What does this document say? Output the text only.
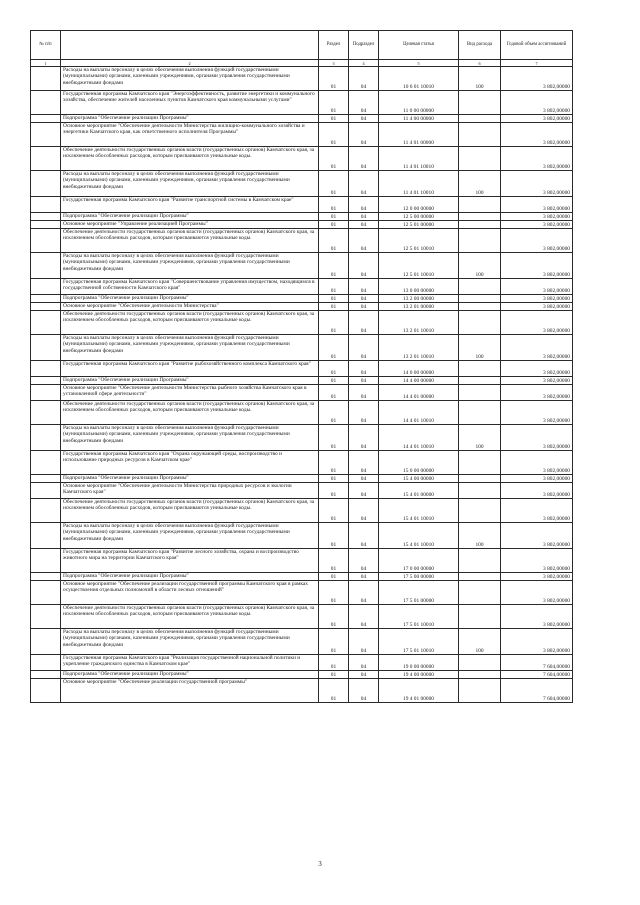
№ п/п		Раздел	Подраздел	Целевая статья	Вид расхода	Годовой объем ассигнований
1	2	3	4	5	6	7
	Расходы на выплаты персоналу в целях обеспечения выполнения функций государственными (муниципальными) органами, казенными учреждениями, органами управления государственными внебюджетными фондами	01	04	10 6 01 10010	100	3 802,00000
	Государственная программа Камчатского края "Энергоэффективность, развитие энергетики и коммунального хозяйства, обеспечение жителей населенных пунктов Камчатского края коммунальными услугами"	01	04	11 0 00 00000		3 802,00000
	Подпрограмма "Обеспечение реализации Программы"	01	04	11 4 00 00000		3 802,00000
	Основное мероприятие "Обеспечение деятельности Министерства жилищно-коммунального хозяйства и энергетики Камчатского края, как ответственного исполнителя Программы"	01	04	11 4 01 00000		3 802,00000
	Обеспечение деятельности государственных органов власти (государственных органов) Камчатского края, за исключением обособленных расходов, которым присваиваются уникальные коды.	01	04	11 4 01 10010		3 802,00000
	Расходы на выплаты персоналу в целях обеспечения выполнения функций государственными (муниципальными) органами, казенными учреждениями, органами управления государственными внебюджетными фондами	01	04	11 4 01 10010	100	3 802,00000
	Государственная программа Камчатского края "Развитие транспортной системы в Камчатском крае"	01	04	12 0 00 00000		3 802,00000
	Подпрограмма "Обеспечение реализации Программы"	01	04	12 5 00 00000		3 802,00000
	Основное мероприятие "Управление реализацией Программы"	01	04	12 5 01 00000		3 802,00000
	Обеспечение деятельности государственных органов власти (государственных органов) Камчатского края, за исключением обособленных расходов, которым присваиваются уникальные коды.	01	04	12 5 01 10010		3 802,00000
	Расходы на выплаты персоналу в целях обеспечения выполнения функций государственными (муниципальными) органами, казенными учреждениями, органами управления государственными внебюджетными фондами	01	04	12 5 01 10010	100	3 802,00000
	Государственная программа Камчатского края "Совершенствование управления имуществом, находящимся в государственной собственности Камчатского края"	01	04	13 0 00 00000		3 802,00000
	Подпрограмма "Обеспечение реализации Программы"	01	04	13 2 00 00000		3 802,00000
	Основное мероприятие "Обеспечение деятельности Министерства"	01	04	13 2 01 00000		3 802,00000
	Обеспечение деятельности государственных органов власти (государственных органов) Камчатского края, за исключением обособленных расходов, которым присваиваются уникальные коды.	01	04	13 2 01 10010		3 802,00000
	Расходы на выплаты персоналу в целях обеспечения выполнения функций государственными (муниципальными) органами, казенными учреждениями, органами управления государственными внебюджетными фондами	01	04	13 2 01 10010	100	3 802,00000
	Государственная программа Камчатского края "Развитие рыбохозяйственного комплекса Камчатского края"	01	04	14 0 00 00000		3 802,00000
	Подпрограмма "Обеспечение реализации Программы"	01	04	14 4 00 00000		3 802,00000
	Основное мероприятие "Обеспечение деятельности Министерства рыбного хозяйства Камчатского края в установленной сфере деятельности"	01	04	14 4 01 00000		3 802,00000
	Обеспечение деятельности государственных органов власти (государственных органов) Камчатского края, за исключением обособленных расходов, которым присваиваются уникальные коды.	01	04	14 4 01 10010		3 802,00000
	Расходы на выплаты персоналу в целях обеспечения выполнения функций государственными (муниципальными) органами, казенными учреждениями, органами управления государственными внебюджетными фондами	01	04	14 4 01 10010	100	3 802,00000
	Государственная программа Камчатского края "Охрана окружающей среды, воспроизводство и использование природных ресурсов в Камчатском крае"	01	04	15 0 00 00000		3 802,00000
	Подпрограмма "Обеспечение реализации Программы"	01	04	15 4 00 00000		3 802,00000
	Основное мероприятие "Обеспечение деятельности Министерства природных ресурсов и экологии Камчатского края"	01	04	15 4 01 00000		3 802,00000
	Обеспечение деятельности государственных органов власти (государственных органов) Камчатского края, за исключением обособленных расходов, которым присваиваются уникальные коды.	01	04	15 4 01 10010		3 802,00000
	Расходы на выплаты персоналу в целях обеспечения выполнения функций государственными (муниципальными) органами, казенными учреждениями, органами управления государственными внебюджетными фондами	01	04	15 4 01 10010	100	3 802,00000
	Государственная программа Камчатского края "Развитие лесного хозяйства, охрана и воспроизводство животного мира на территории Камчатского края"	01	04	17 0 00 00000		3 802,00000
	Подпрограмма "Обеспечение реализации Программы"	01	04	17 5 00 00000		3 802,00000
	Основное мероприятие "Обеспечение реализации государственной программы Камчатского края в рамках осуществления отдельных полномочий в области лесных отношений"	01	04	17 5 01 00000		3 802,00000
	Обеспечение деятельности государственных органов власти (государственных органов) Камчатского края, за исключением обособленных расходов, которым присваиваются уникальные коды.	01	04	17 5 01 10010		3 802,00000
	Расходы на выплаты персоналу в целях обеспечения выполнения функций государственными (муниципальными) органами, казенными учреждениями, органами управления государственными внебюджетными фондами	01	04	17 5 01 10010	100	3 802,00000
	Государственная программа Камчатского края "Реализация государственной национальной политики и укрепление гражданского единства в Камчатском крае"	01	04	19 0 00 00000		7 604,00000
	Подпрограмма "Обеспечение реализации Программы"	01	04	19 4 00 00000		7 604,00000
	Основное мероприятие "Обеспечение реализации государственной программы"	01	04	19 4 01 00000		7 604,00000
3
